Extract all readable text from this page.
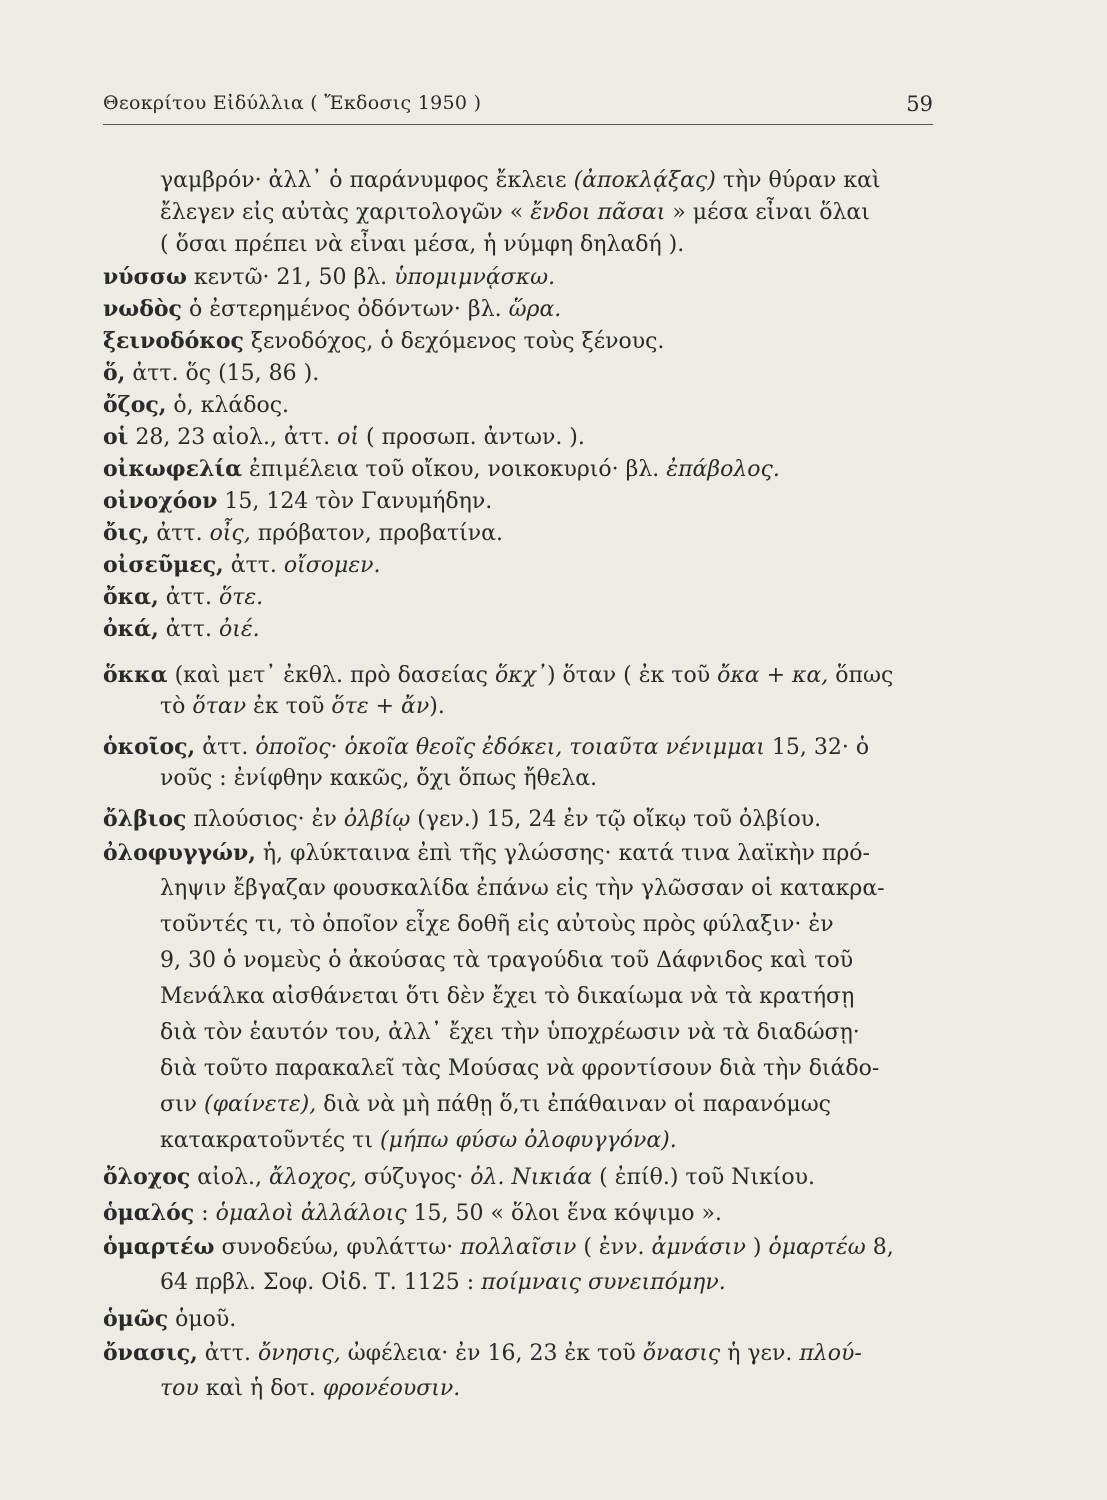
Θεοκρίτου Εἰδύλλια ( Ἔκδοσις 1950 )	59
γαμβρόν· ἀλλ᾽ ὁ παράνυμφος ἔκλειε (ἀποκλᾴξας) τὴν θύραν καὶ
ἔλεγεν εἰς αὐτὰς χαριτολογῶν « ἔνδοι πᾶσαι » μέσα εἶναι ὅλαι
( ὅσαι πρέπει νὰ εἶναι μέσα, ἡ νύμφη δηλαδή ).
νύσσω κεντῶ· 21, 50 βλ. ὑπομιμνᾴσκω.
νωδὸς ὁ ἐστερημένος ὀδόντων· βλ. ὥρα.
ξεινοδόκος ξενοδόχος, ὁ δεχόμενος τοὺς ξένους.
ὅ, ἀττ. ὅς (15, 86 ).
ὄζος, ὁ, κλάδος.
οἱ 28, 23 αἰολ., ἀττ. οἱ ( προσωπ. ἀντων. ).
οἰκωφελία ἐπιμέλεια τοῦ οἴκου, νοικοκυριό· βλ. ἐπάβολος.
οἰνοχόον 15, 124 τὸν Γανυμήδην.
ὄις, ἀττ. οἶς, πρόβατον, προβατίνα.
οἰσεῦμες, ἀττ. οἴσομεν.
ὄκα, ἀττ. ὅτε.
ὀκά, ἀττ. ὀιέ.
ὅκκα (καὶ μετ᾽ ἐκθλ. πρὸ δασείας ὅκχ᾽) ὅταν ( ἐκ τοῦ ὄκα + κα, ὅπως
τὸ ὅταν ἐκ τοῦ ὅτε + ἄν).
ὁκοῖος, ἀττ. ὁποῖος· ὁκοῖα θεοῖς ἐδόκει, τοιαῦτα νένιμμαι 15, 32· ὁ
νοῦς : ἐνίφθην κακῶς, ὄχι ὅπως ἤθελα.
ὄλβιος πλούσιος· ἐν ὀλβίῳ (γεν.) 15, 24 ἐν τῷ οἴκῳ τοῦ ὀλβίου.
ὀλοφυγγών, ἡ, φλύκταινα ἐπὶ τῆς γλώσσης· κατά τινα λαϊκὴν πρό-
ληψιν ἔβγαζαν φουσκαλίδα ἐπάνω εἰς τὴν γλῶσσαν οἱ κατακρα-
τοῦντές τι, τὸ ὁποῖον εἶχε δοθῆ εἰς αὐτοὺς πρὸς φύλαξιν· ἐν
9, 30 ὁ νομεὺς ὁ ἀκούσας τὰ τραγούδια τοῦ Δάφνιδος καὶ τοῦ
Μενάλκα αἰσθάνεται ὅτι δὲν ἔχει τὸ δικαίωμα νὰ τὰ κρατήσῃ
διὰ τὸν ἑαυτόν του, ἀλλ᾽ ἔχει τὴν ὑποχρέωσιν νὰ τὰ διαδώσῃ·
διὰ τοῦτο παρακαλεῖ τὰς Μούσας νὰ φροντίσουν διὰ τὴν διάδο-
σιν (φαίνετε), διὰ νὰ μὴ πάθῃ ὅ,τι ἐπάθαιναν οἱ παρανόμως
κατακρατοῦντές τι (μήπω φύσω ὀλοφυγγόνα).
ὄλοχος αἰολ., ἄλοχος, σύζυγος· ὀλ. Νικιάα ( ἐπίθ.) τοῦ Νικίου.
ὁμαλός : ὁμαλοὶ ἀλλάλοις 15, 50 « ὅλοι ἕνα κόψιμο ».
ὁμαρτέω συνοδεύω, φυλάττω· πολλαῖσιν ( ἐνν. ἀμνάσιν ) ὁμαρτέω 8,
64 πρβλ. Σοφ. Οἰδ. Τ. 1125 : ποίμναις συνειπόμην.
ὁμῶς ὁμοῦ.
ὄνασις, ἀττ. ὄνησις, ὠφέλεια· ἐν 16, 23 ἐκ τοῦ ὄνασις ἡ γεν. πλού-
του καὶ ἡ δοτ. φρονέουσιν.
